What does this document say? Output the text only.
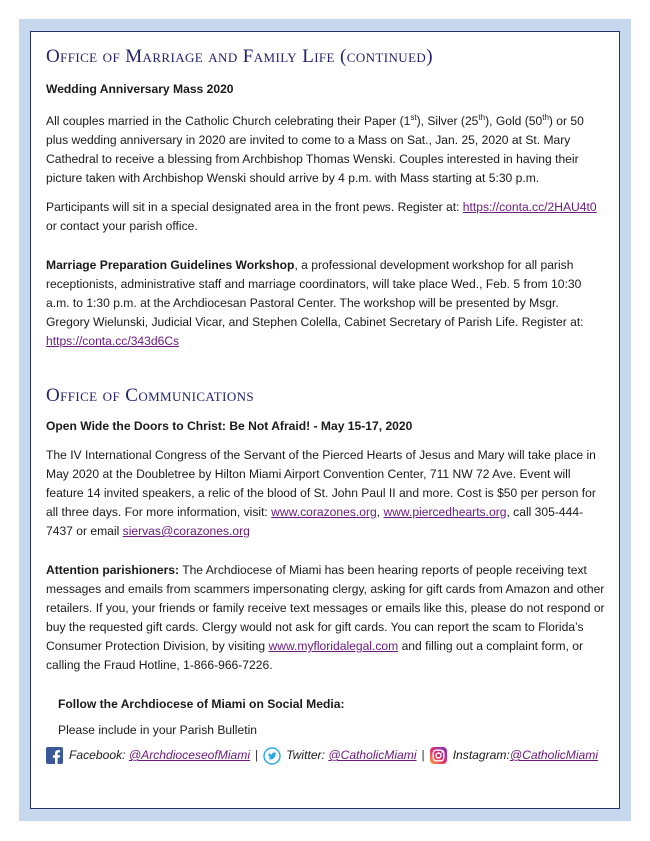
Office of Marriage and Family Life (continued)

Wedding Anniversary Mass 2020

All couples married in the Catholic Church celebrating their Paper (1st), Silver (25th), Gold (50th) or 50 plus wedding anniversary in 2020 are invited to come to a Mass on Sat., Jan. 25, 2020 at St. Mary Cathedral to receive a blessing from Archbishop Thomas Wenski. Couples interested in having their picture taken with Archbishop Wenski should arrive by 4 p.m. with Mass starting at 5:30 p.m.

Participants will sit in a special designated area in the front pews. Register at: https://conta.cc/2HAU4t0 or contact your parish office.

Marriage Preparation Guidelines Workshop, a professional development workshop for all parish receptionists, administrative staff and marriage coordinators, will take place Wed., Feb. 5 from 10:30 a.m. to 1:30 p.m. at the Archdiocesan Pastoral Center. The workshop will be presented by Msgr. Gregory Wielunski, Judicial Vicar, and Stephen Colella, Cabinet Secretary of Parish Life. Register at: https://conta.cc/343d6Cs

Office of Communications

Open Wide the Doors to Christ: Be Not Afraid! - May 15-17, 2020

The IV International Congress of the Servant of the Pierced Hearts of Jesus and Mary will take place in May 2020 at the Doubletree by Hilton Miami Airport Convention Center, 711 NW 72 Ave. Event will feature 14 invited speakers, a relic of the blood of St. John Paul II and more. Cost is $50 per person for all three days. For more information, visit: www.corazones.org, www.piercedhearts.org, call 305-444-7437 or email siervas@corazones.org

Attention parishioners: The Archdiocese of Miami has been hearing reports of people receiving text messages and emails from scammers impersonating clergy, asking for gift cards from Amazon and other retailers. If you, your friends or family receive text messages or emails like this, please do not respond or buy the requested gift cards. Clergy would not ask for gift cards. You can report the scam to Florida’s Consumer Protection Division, by visiting www.myfloridalegal.com and filling out a complaint form, or calling the Fraud Hotline, 1-866-966-7226.

Follow the Archdiocese of Miami on Social Media:

Please include in your Parish Bulletin

Facebook:
@ArchdioceseofMiami | Twitter:
@CatholicMiami | Instagram: @CatholicMiami
